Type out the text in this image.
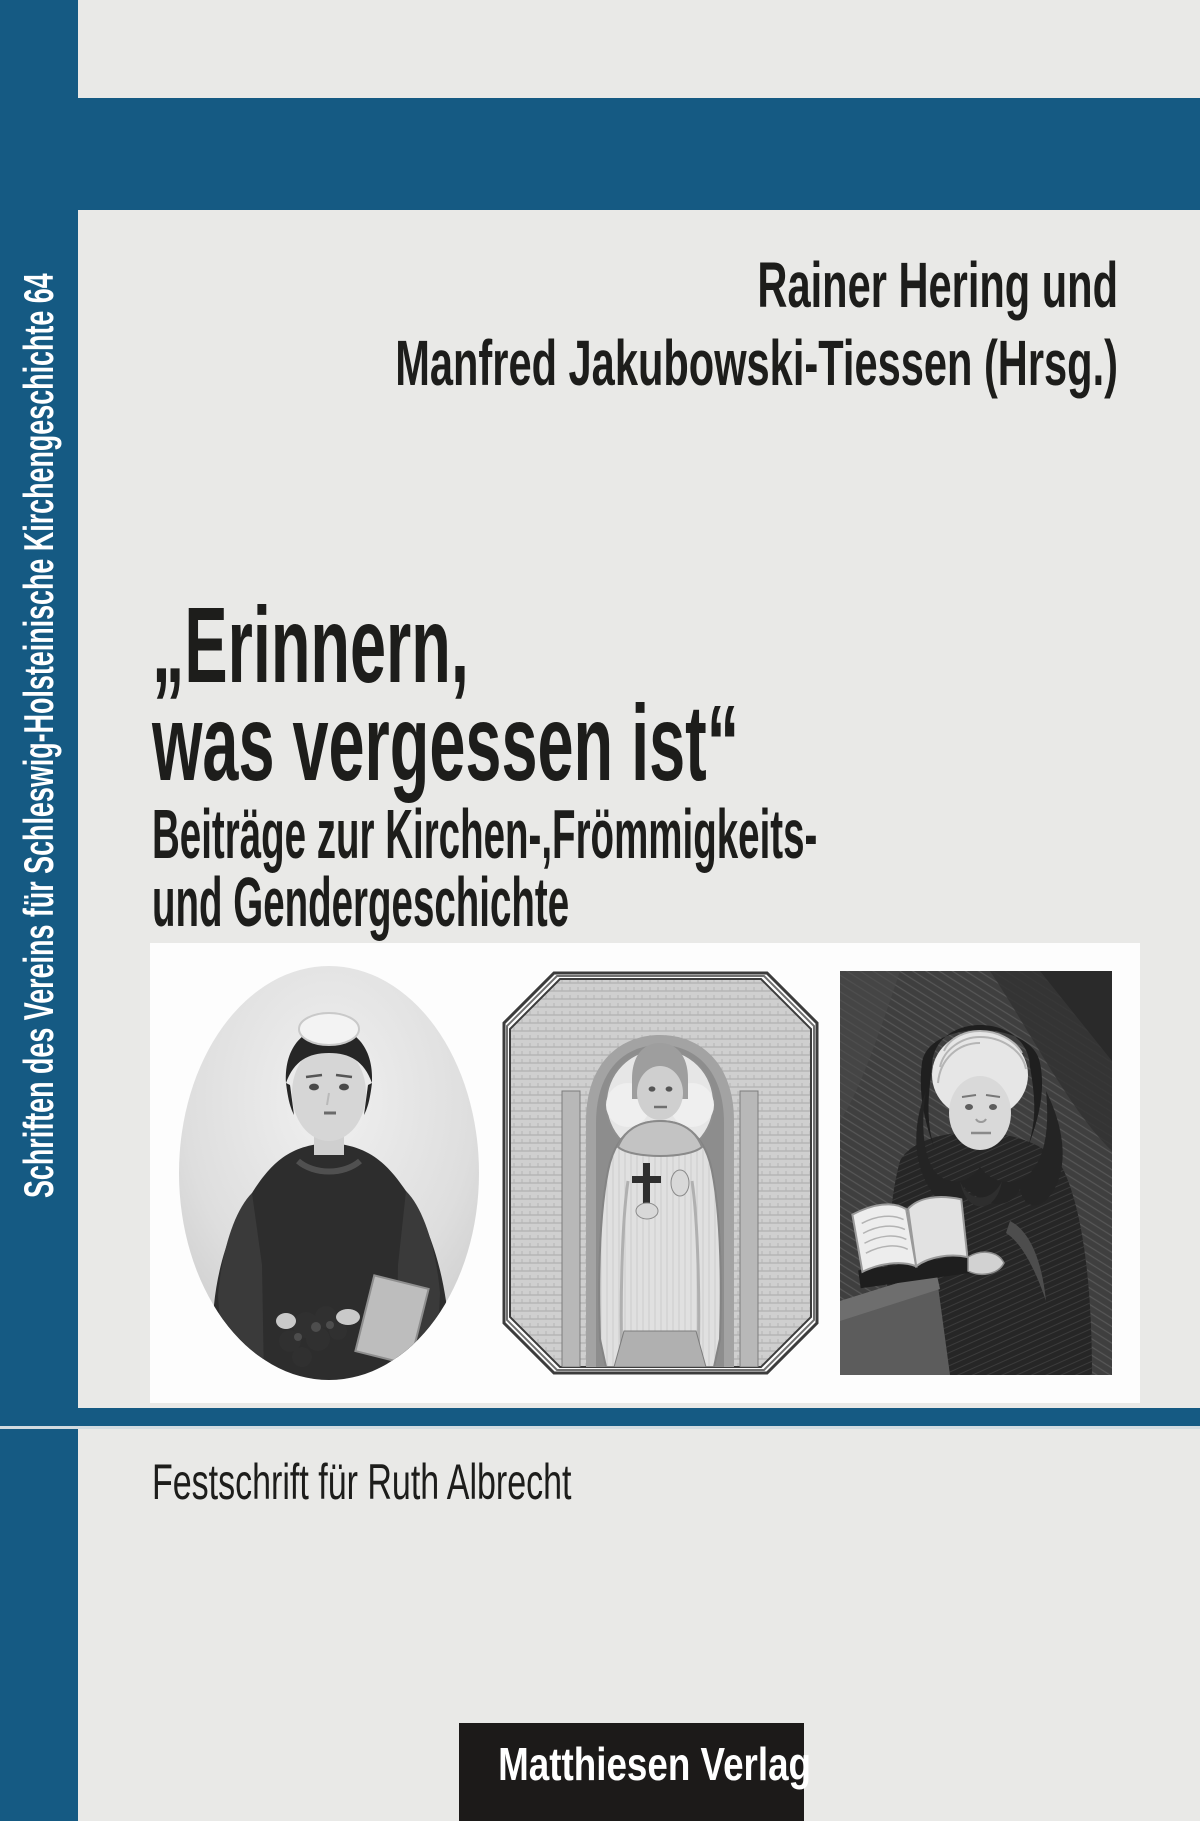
Schriften des Vereins für Schleswig-Holsteinische Kirchengeschichte 64	Rainer Hering und
Manfred Jakubowski-Tiessen (Hrsg.)
„Erinnern,
was vergessen ist“
Beiträge zur Kirchen-,Frömmigkeits-
und Gendergeschichte
Festschrift für Ruth Albrecht
Matthiesen Verlag
